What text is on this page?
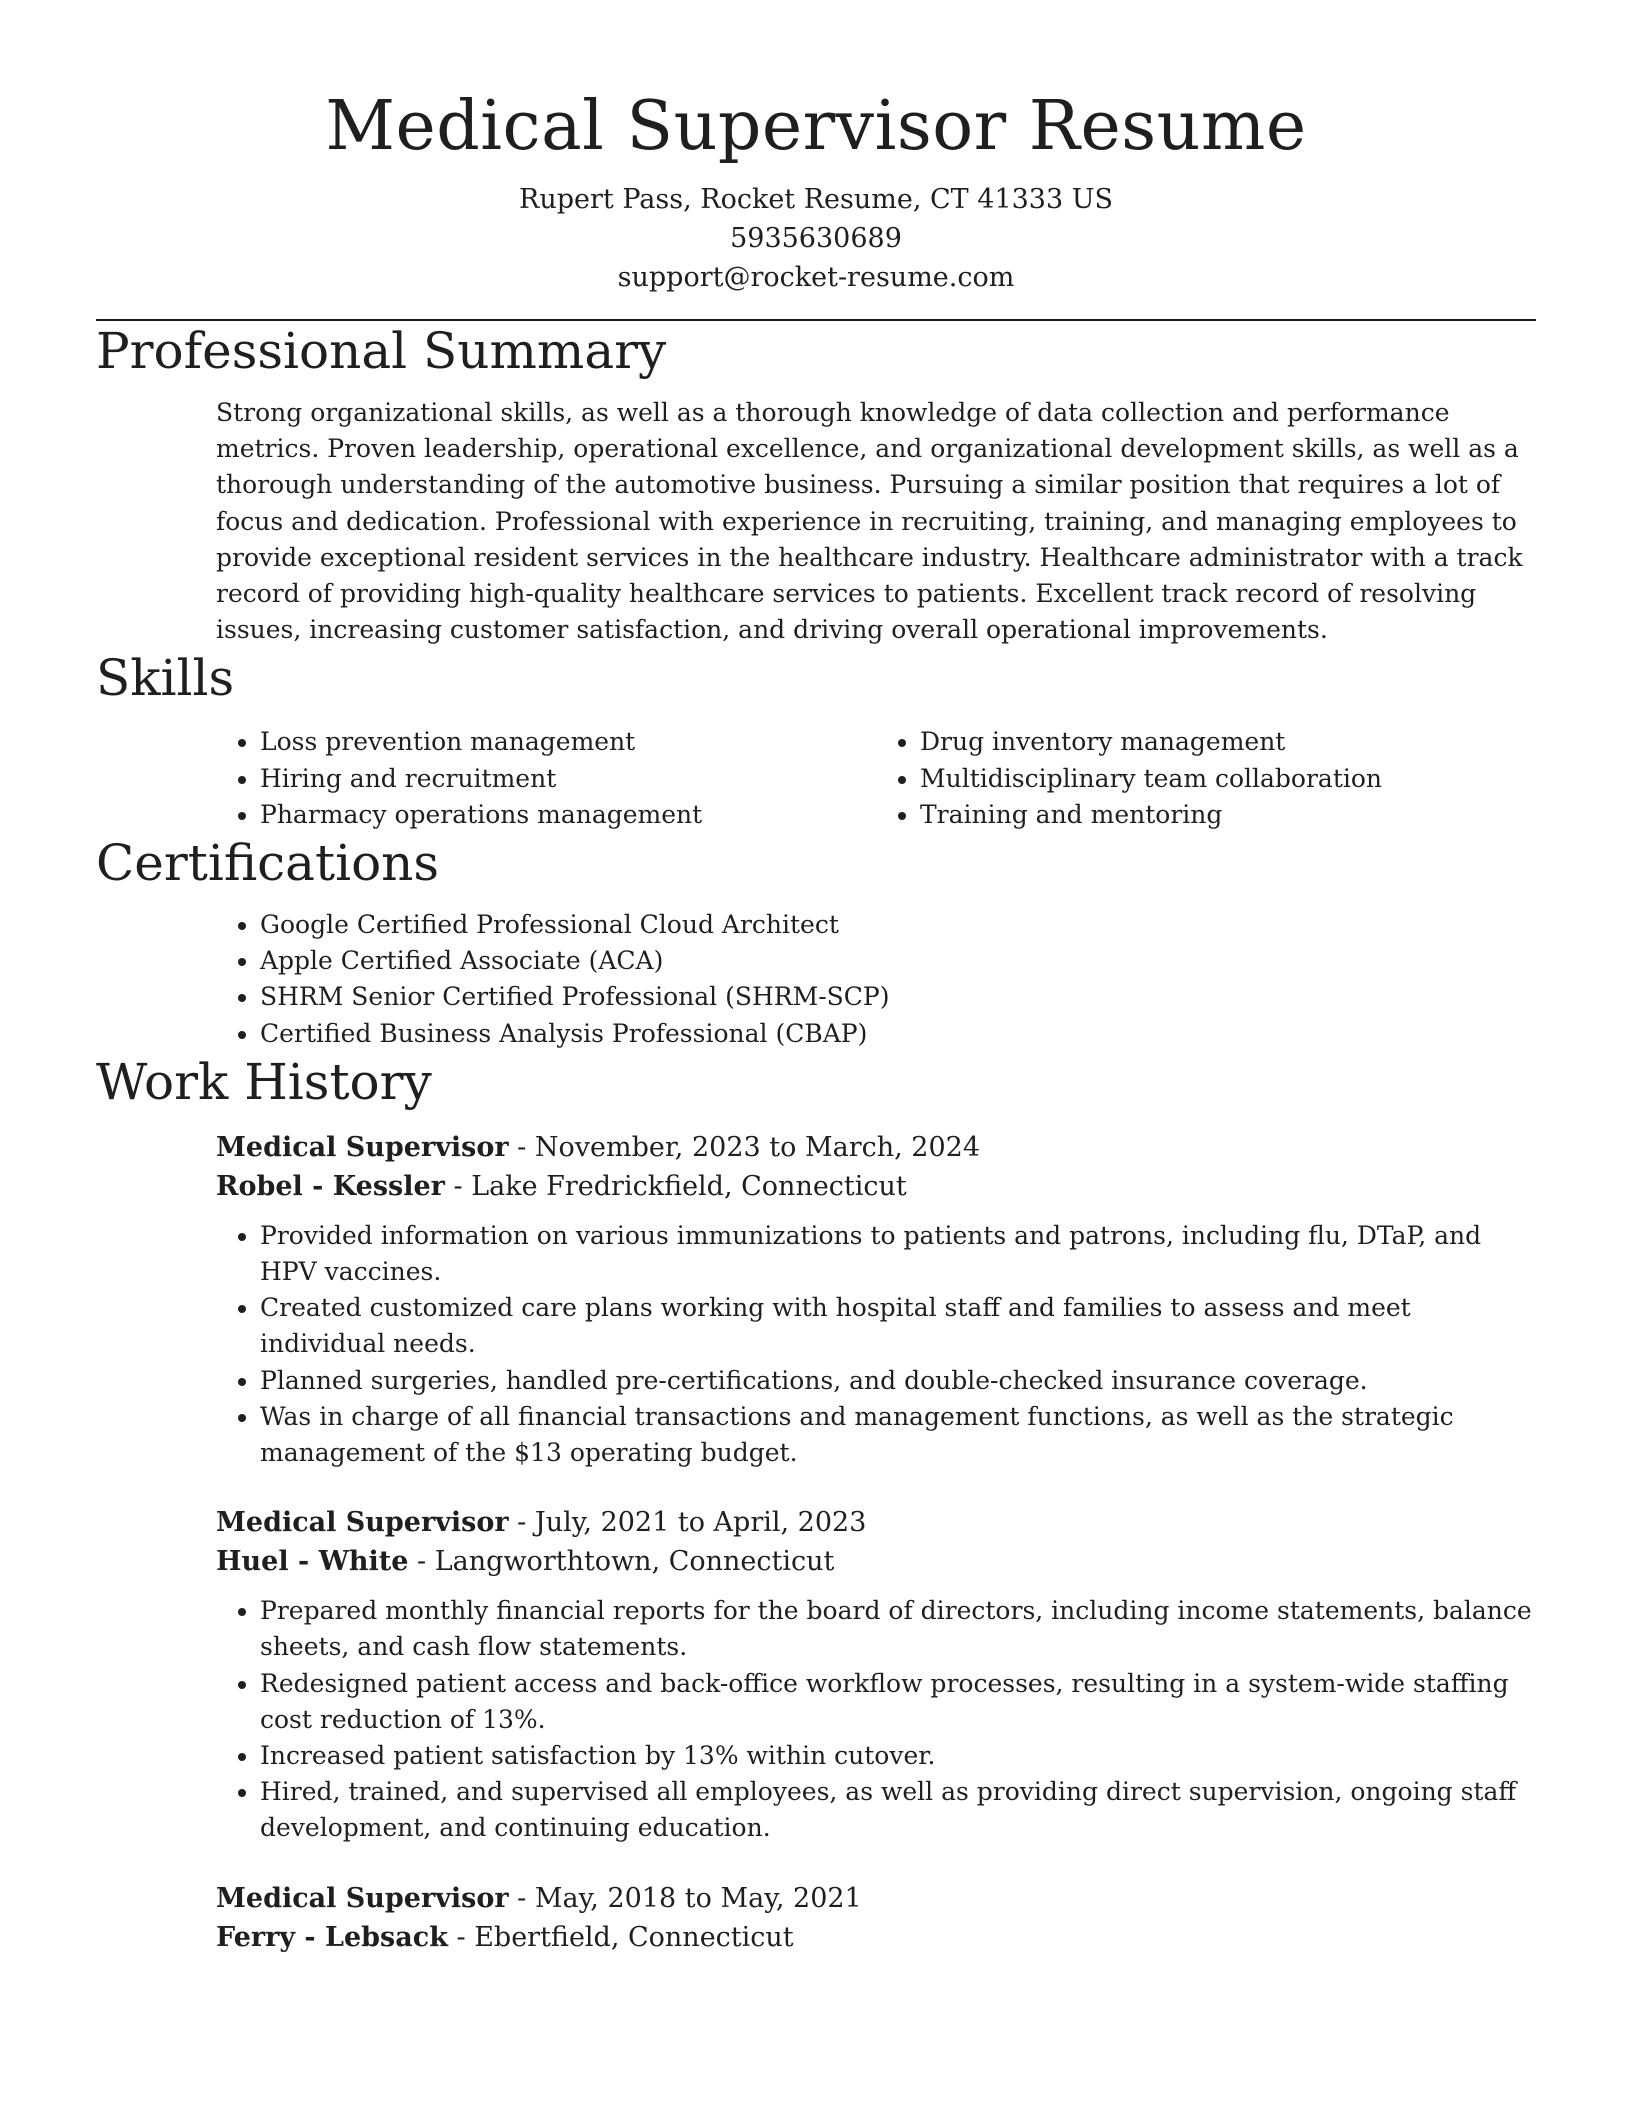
Medical Supervisor Resume
Rupert Pass, Rocket Resume, CT 41333 US
5935630689
support@rocket-resume.com
Professional Summary

Strong organizational skills, as well as a thorough knowledge of data collection and performance metrics. Proven leadership, operational excellence, and organizational development skills, as well as a thorough understanding of the automotive business. Pursuing a similar position that requires a lot of focus and dedication. Professional with experience in recruiting, training, and managing employees to provide exceptional resident services in the healthcare industry. Healthcare administrator with a track record of providing high-quality healthcare services to patients. Excellent track record of resolving issues, increasing customer satisfaction, and driving overall operational improvements.

Skills
• Loss prevention management
• Hiring and recruitment
• Pharmacy operations management
• Drug inventory management
• Multidisciplinary team collaboration
• Training and mentoring
Certifications
• Google Certified Professional Cloud Architect
• Apple Certified Associate (ACA)
• SHRM Senior Certified Professional (SHRM-SCP)
• Certified Business Analysis Professional (CBAP)
Work History
Medical Supervisor - November, 2023 to March, 2024
Robel - Kessler - Lake Fredrickfield, Connecticut
• Provided information on various immunizations to patients and patrons, including flu, DTaP, and HPV vaccines.
• Created customized care plans working with hospital staff and families to assess and meet individual needs.
• Planned surgeries, handled pre-certifications, and double-checked insurance coverage.
• Was in charge of all financial transactions and management functions, as well as the strategic management of the $13 operating budget.
Medical Supervisor - July, 2021 to April, 2023
Huel - White - Langworthtown, Connecticut
• Prepared monthly financial reports for the board of directors, including income statements, balance sheets, and cash flow statements.
• Redesigned patient access and back-office workflow processes, resulting in a system-wide staffing cost reduction of 13%.
• Increased patient satisfaction by 13% within cutover.
• Hired, trained, and supervised all employees, as well as providing direct supervision, ongoing staff development, and continuing education.
Medical Supervisor - May, 2018 to May, 2021
Ferry - Lebsack - Ebertfield, Connecticut
